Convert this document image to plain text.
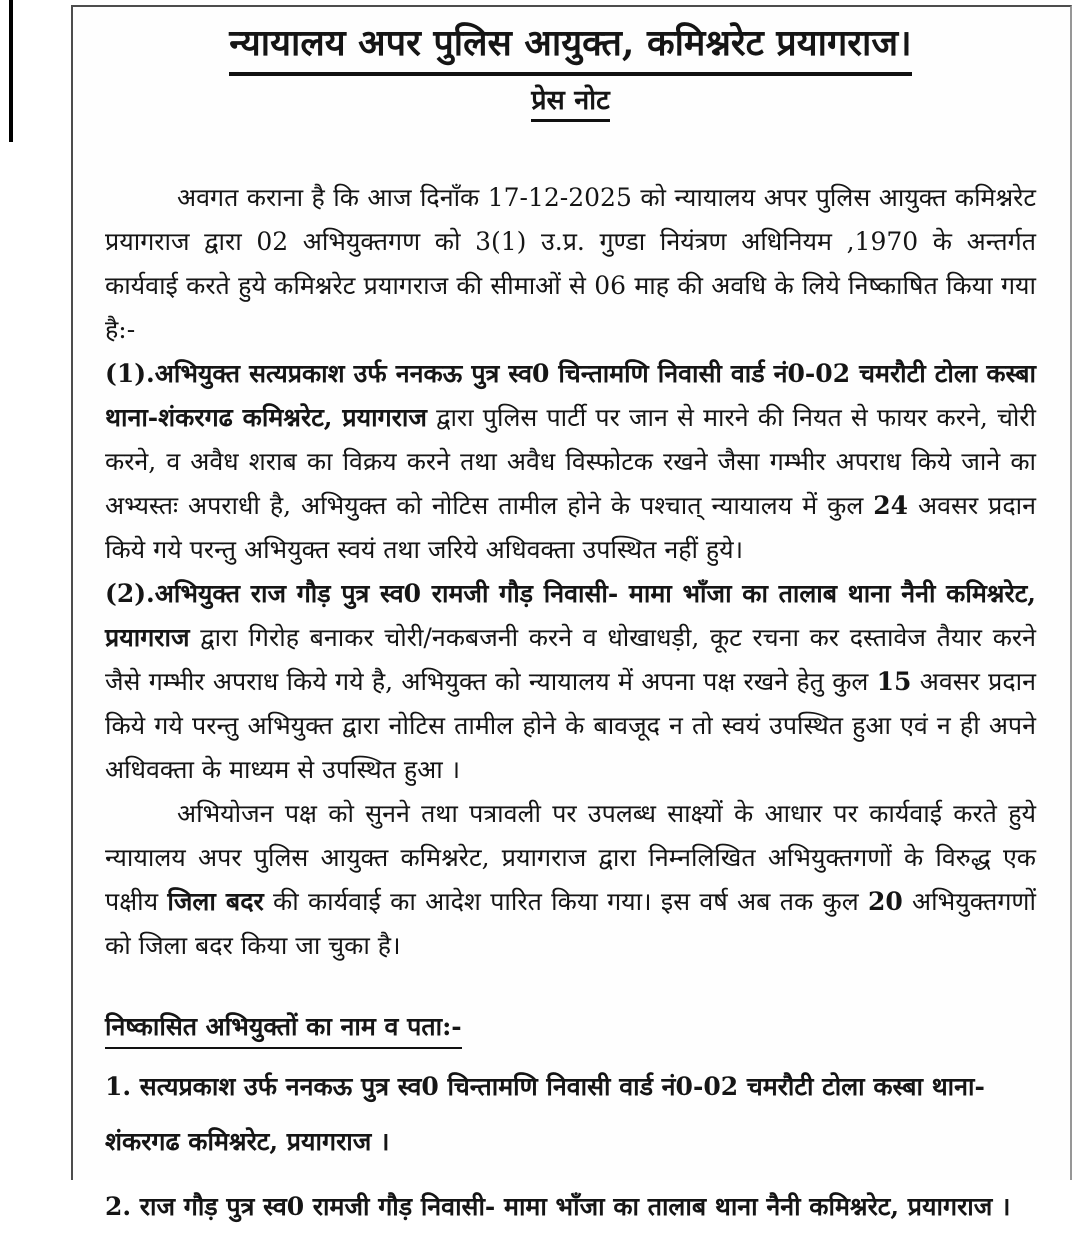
न्यायालय अपर पुलिस आयुक्त, कमिश्नरेट प्रयागराज।
प्रेस नोट

अवगत कराना है कि आज दिनाँक 17-12-2025 को न्यायालय अपर पुलिस आयुक्त कमिश्नरेट प्रयागराज द्वारा 02 अभियुक्तगण को 3(1) उ.प्र. गुण्डा नियंत्रण अधिनियम ,1970 के अन्तर्गत कार्यवाई करते हुये कमिश्नरेट प्रयागराज की सीमाओं से 06 माह की अवधि के लिये निष्काषित किया गया है:-

(1).अभियुक्त सत्यप्रकाश उर्फ ननकऊ पुत्र स्व0 चिन्तामणि निवासी वार्ड नं0-02 चमरौटी टोला कस्बा थाना-शंकरगढ कमिश्नरेट, प्रयागराज द्वारा पुलिस पार्टी पर जान से मारने की नियत से फायर करने, चोरी करने, व अवैध शराब का विक्रय करने तथा अवैध विस्फोटक रखने जैसा गम्भीर अपराध किये जाने का अभ्यस्तः अपराधी है, अभियुक्त को नोटिस तामील होने के पश्चात् न्यायालय में कुल 24 अवसर प्रदान किये गये परन्तु अभियुक्त स्वयं तथा जरिये अधिवक्ता उपस्थित नहीं हुये।

(2).अभियुक्त राज गौड़ पुत्र स्व0 रामजी गौड़ निवासी- मामा भाँजा का तालाब थाना नैनी कमिश्नरेट, प्रयागराज द्वारा गिरोह बनाकर चोरी/नकबजनी करने व धोखाधड़ी, कूट रचना कर दस्तावेज तैयार करने जैसे गम्भीर अपराध किये गये है, अभियुक्त को न्यायालय में अपना पक्ष रखने हेतु कुल 15 अवसर प्रदान किये गये परन्तु अभियुक्त द्वारा नोटिस तामील होने के बावजूद न तो स्वयं उपस्थित हुआ एवं न ही अपने अधिवक्ता के माध्यम से उपस्थित हुआ ।

अभियोजन पक्ष को सुनने तथा पत्रावली पर उपलब्ध साक्ष्यों के आधार पर कार्यवाई करते हुये न्यायालय अपर पुलिस आयुक्त कमिश्नरेट, प्रयागराज द्वारा निम्नलिखित अभियुक्तगणों के विरुद्ध एक पक्षीय जिला बदर की कार्यवाई का आदेश पारित किया गया। इस वर्ष अब तक कुल 20 अभियुक्तगणों को जिला बदर किया जा चुका है।

निष्कासित अभियुक्तों का नाम व पता:-

1. सत्यप्रकाश उर्फ ननकऊ पुत्र स्व0 चिन्तामणि निवासी वार्ड नं0-02 चमरौटी टोला कस्बा थाना- शंकरगढ कमिश्नरेट, प्रयागराज ।

2. राज गौड़ पुत्र स्व0 रामजी गौड़ निवासी- मामा भाँजा का तालाब थाना नैनी कमिश्नरेट, प्रयागराज ।
